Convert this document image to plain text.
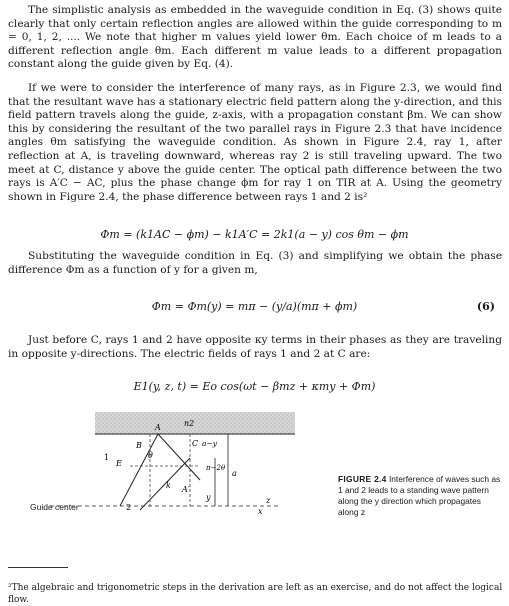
The simplistic analysis as embedded in the waveguide condition in Eq. (3) shows quite clearly that only certain reflection angles are allowed within the guide corresponding to m = 0, 1, 2, .... We note that higher m values yield lower θm. Each choice of m leads to a different reflection angle θm. Each different m value leads to a different propagation constant along the guide given by Eq. (4).

If we were to consider the interference of many rays, as in Figure 2.3, we would find that the resultant wave has a stationary electric field pattern along the y-direction, and this field pattern travels along the guide, z-axis, with a propagation constant βm. We can show this by considering the resultant of the two parallel rays in Figure 2.3 that have incidence angles θm satisfying the waveguide condition. As shown in Figure 2.4, ray 1, after reflection at A, is traveling downward, whereas ray 2 is still traveling upward. The two meet at C, distance y above the guide center. The optical path difference between the two rays is A′C − AC, plus the phase change ϕm for ray 1 on TIR at A. Using the geometry shown in Figure 2.4, the phase difference between rays 1 and 2 is²

Φm = (k1AC − ϕm) − k1A′C = 2k1(a − y) cos θm − ϕm

Substituting the waveguide condition in Eq. (3) and simplifying we obtain the phase difference Φm as a function of y for a given m,

Φm = Φm(y) = mπ − (y/a)(mπ + ϕm)	(6)

Just before C, rays 1 and 2 have opposite κy terms in their phases as they are traveling in opposite y-directions. The electric fields of rays 1 and 2 at C are:

E1(y, z, t) = Eo cos(ωt − βmz + κmy + Φm)
n2
A
C a−y
π−2θ
B
E
θ
k A′
1
2
a
y	z
x
Guide center
FIGURE 2.4 Interference of waves such as 1 and 2 leads to a standing wave pattern along the y direction which propagates along z

²The algebraic and trigonometric steps in the derivation are left as an exercise, and do not affect the logical flow.
